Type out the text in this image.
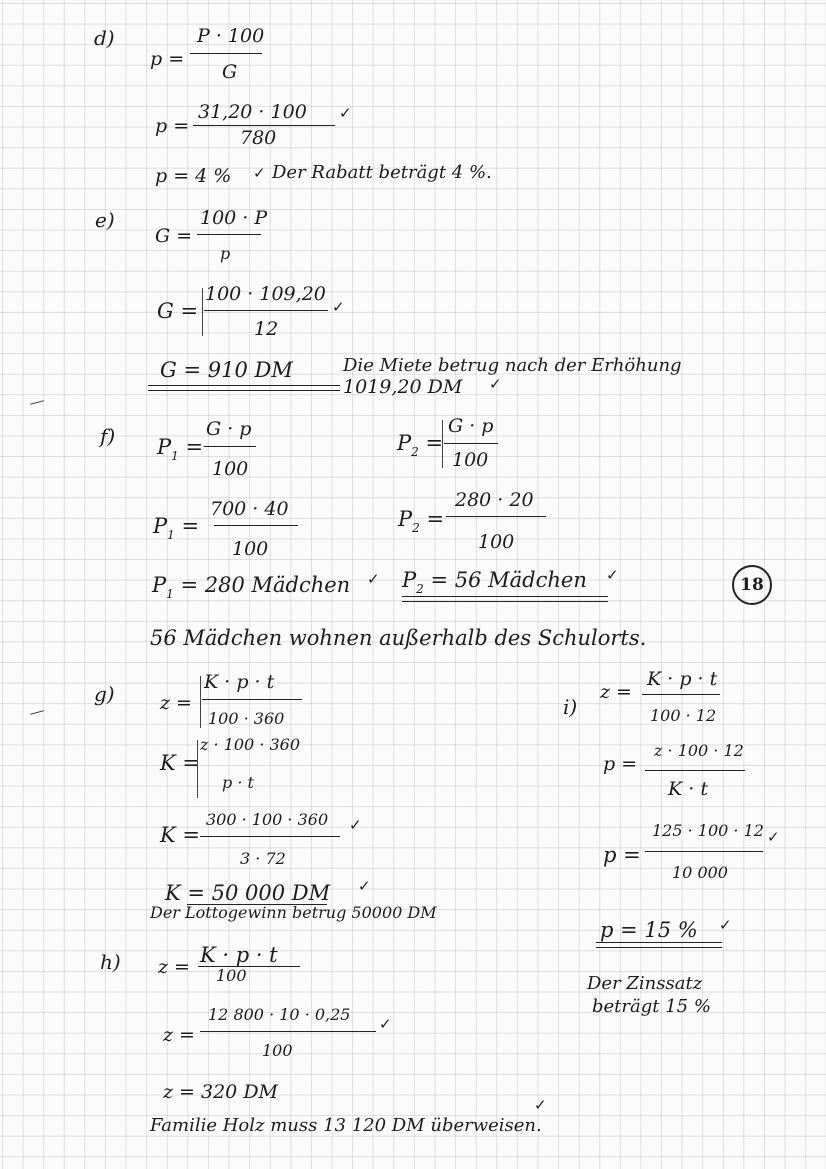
d)
p =
P · 100
G
p =
31,20 · 100
780
✓
p = 4 % ✓ Der Rabatt beträgt 4 %.
e)
G =
100 · P
p
G =
100 · 109,20
12
✓
G = 910 DM	Die Miete betrug nach der Erhöhung
1019,20 DM ✓
f) $P_1$ =
G · p
100
$P_2$ =
G · p
100
$P_1$ =
700 · 40
100
$P_2$ =
280 · 20
100
$P_1 = 280$ Mädchen ✓ $P_2 = 56$ Mädchen ✓	18
56 Mädchen wohnen außerhalb des Schulorts.
g) z =
K · p · t
100 · 360
K =
z · 100 · 360
p · t
K =
300 · 100 · 360
3 · 72
✓
K = 50 000 DM ✓
Der Lottogewinn betrug 50000 DM
i)
z =
K · p · t
100 · 12
p =
z · 100 · 12
K · t
p =
125 · 100 · 12
10 000
✓
p = 15 % ✓
Der Zinssatz
beträgt 15 %
h) z = K · p · t
100
z =
12 800 · 10 · 0,25
100
✓
z = 320 DM
✓
Familie Holz muss 13 120 DM überweisen.
